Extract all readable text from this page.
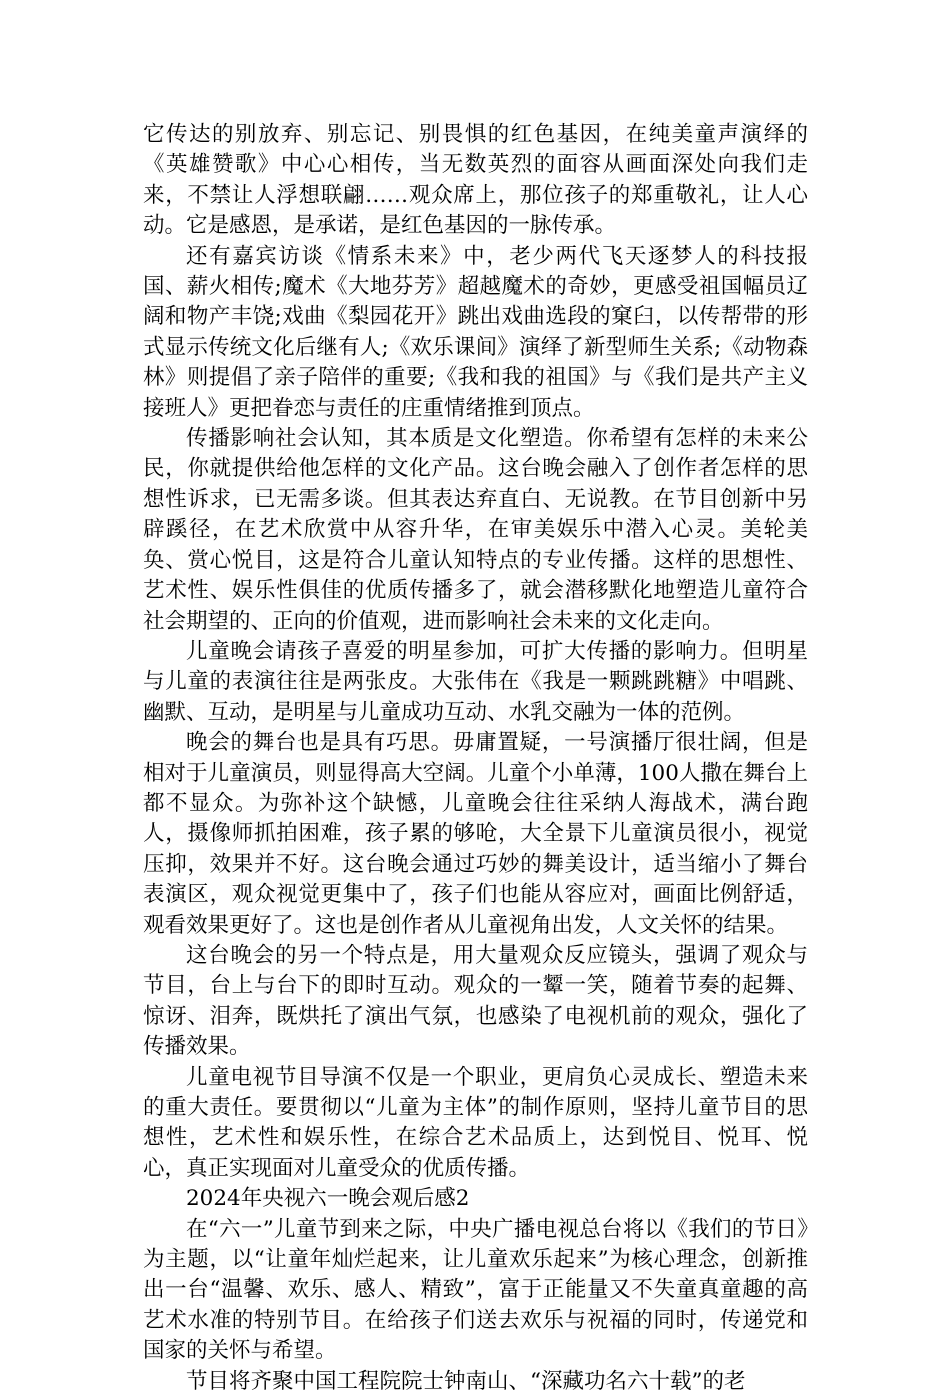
它传达的别放弃、别忘记、别畏惧的红色基因，在纯美童声演绎的《英雄赞歌》中心心相传，当无数英烈的面容从画面深处向我们走来，不禁让人浮想联翩……观众席上，那位孩子的郑重敬礼，让人心动。它是感恩，是承诺，是红色基因的一脉传承。

还有嘉宾访谈《情系未来》中，老少两代飞天逐梦人的科技报国、薪火相传;魔术《大地芬芳》超越魔术的奇妙，更感受祖国幅员辽阔和物产丰饶;戏曲《梨园花开》跳出戏曲选段的窠臼，以传帮带的形式显示传统文化后继有人;《欢乐课间》演绎了新型师生关系;《动物森林》则提倡了亲子陪伴的重要;《我和我的祖国》与《我们是共产主义接班人》更把眷恋与责任的庄重情绪推到顶点。

传播影响社会认知，其本质是文化塑造。你希望有怎样的未来公民，你就提供给他怎样的文化产品。这台晚会融入了创作者怎样的思想性诉求，已无需多谈。但其表达弃直白、无说教。在节目创新中另辟蹊径，在艺术欣赏中从容升华，在审美娱乐中潜入心灵。美轮美奂、赏心悦目，这是符合儿童认知特点的专业传播。这样的思想性、艺术性、娱乐性俱佳的优质传播多了，就会潜移默化地塑造儿童符合社会期望的、正向的价值观，进而影响社会未来的文化走向。

儿童晚会请孩子喜爱的明星参加，可扩大传播的影响力。但明星与儿童的表演往往是两张皮。大张伟在《我是一颗跳跳糖》中唱跳、幽默、互动，是明星与儿童成功互动、水乳交融为一体的范例。

晚会的舞台也是具有巧思。毋庸置疑，一号演播厅很壮阔，但是相对于儿童演员，则显得高大空阔。儿童个小单薄，100人撒在舞台上都不显众。为弥补这个缺憾，儿童晚会往往采纳人海战术，满台跑人，摄像师抓拍困难，孩子累的够呛，大全景下儿童演员很小，视觉压抑，效果并不好。这台晚会通过巧妙的舞美设计，适当缩小了舞台表演区，观众视觉更集中了，孩子们也能从容应对，画面比例舒适，观看效果更好了。这也是创作者从儿童视角出发，人文关怀的结果。

这台晚会的另一个特点是，用大量观众反应镜头，强调了观众与节目，台上与台下的即时互动。观众的一颦一笑，随着节奏的起舞、惊讶、泪奔，既烘托了演出气氛，也感染了电视机前的观众，强化了传播效果。

儿童电视节目导演不仅是一个职业，更肩负心灵成长、塑造未来的重大责任。要贯彻以“儿童为主体”的制作原则，坚持儿童节目的思想性，艺术性和娱乐性，在综合艺术品质上，达到悦目、悦耳、悦心，真正实现面对儿童受众的优质传播。

2024年央视六一晚会观后感2

在“六一”儿童节到来之际，中央广播电视总台将以《我们的节日》为主题，以“让童年灿烂起来，让儿童欢乐起来”为核心理念，创新推出一台“温馨、欢乐、感人、精致”，富于正能量又不失童真童趣的高艺术水准的特别节目。在给孩子们送去欢乐与祝福的同时，传递党和国家的关怀与希望。

节目将齐聚中国工程院院士钟南山、“深藏功名六十载”的老
